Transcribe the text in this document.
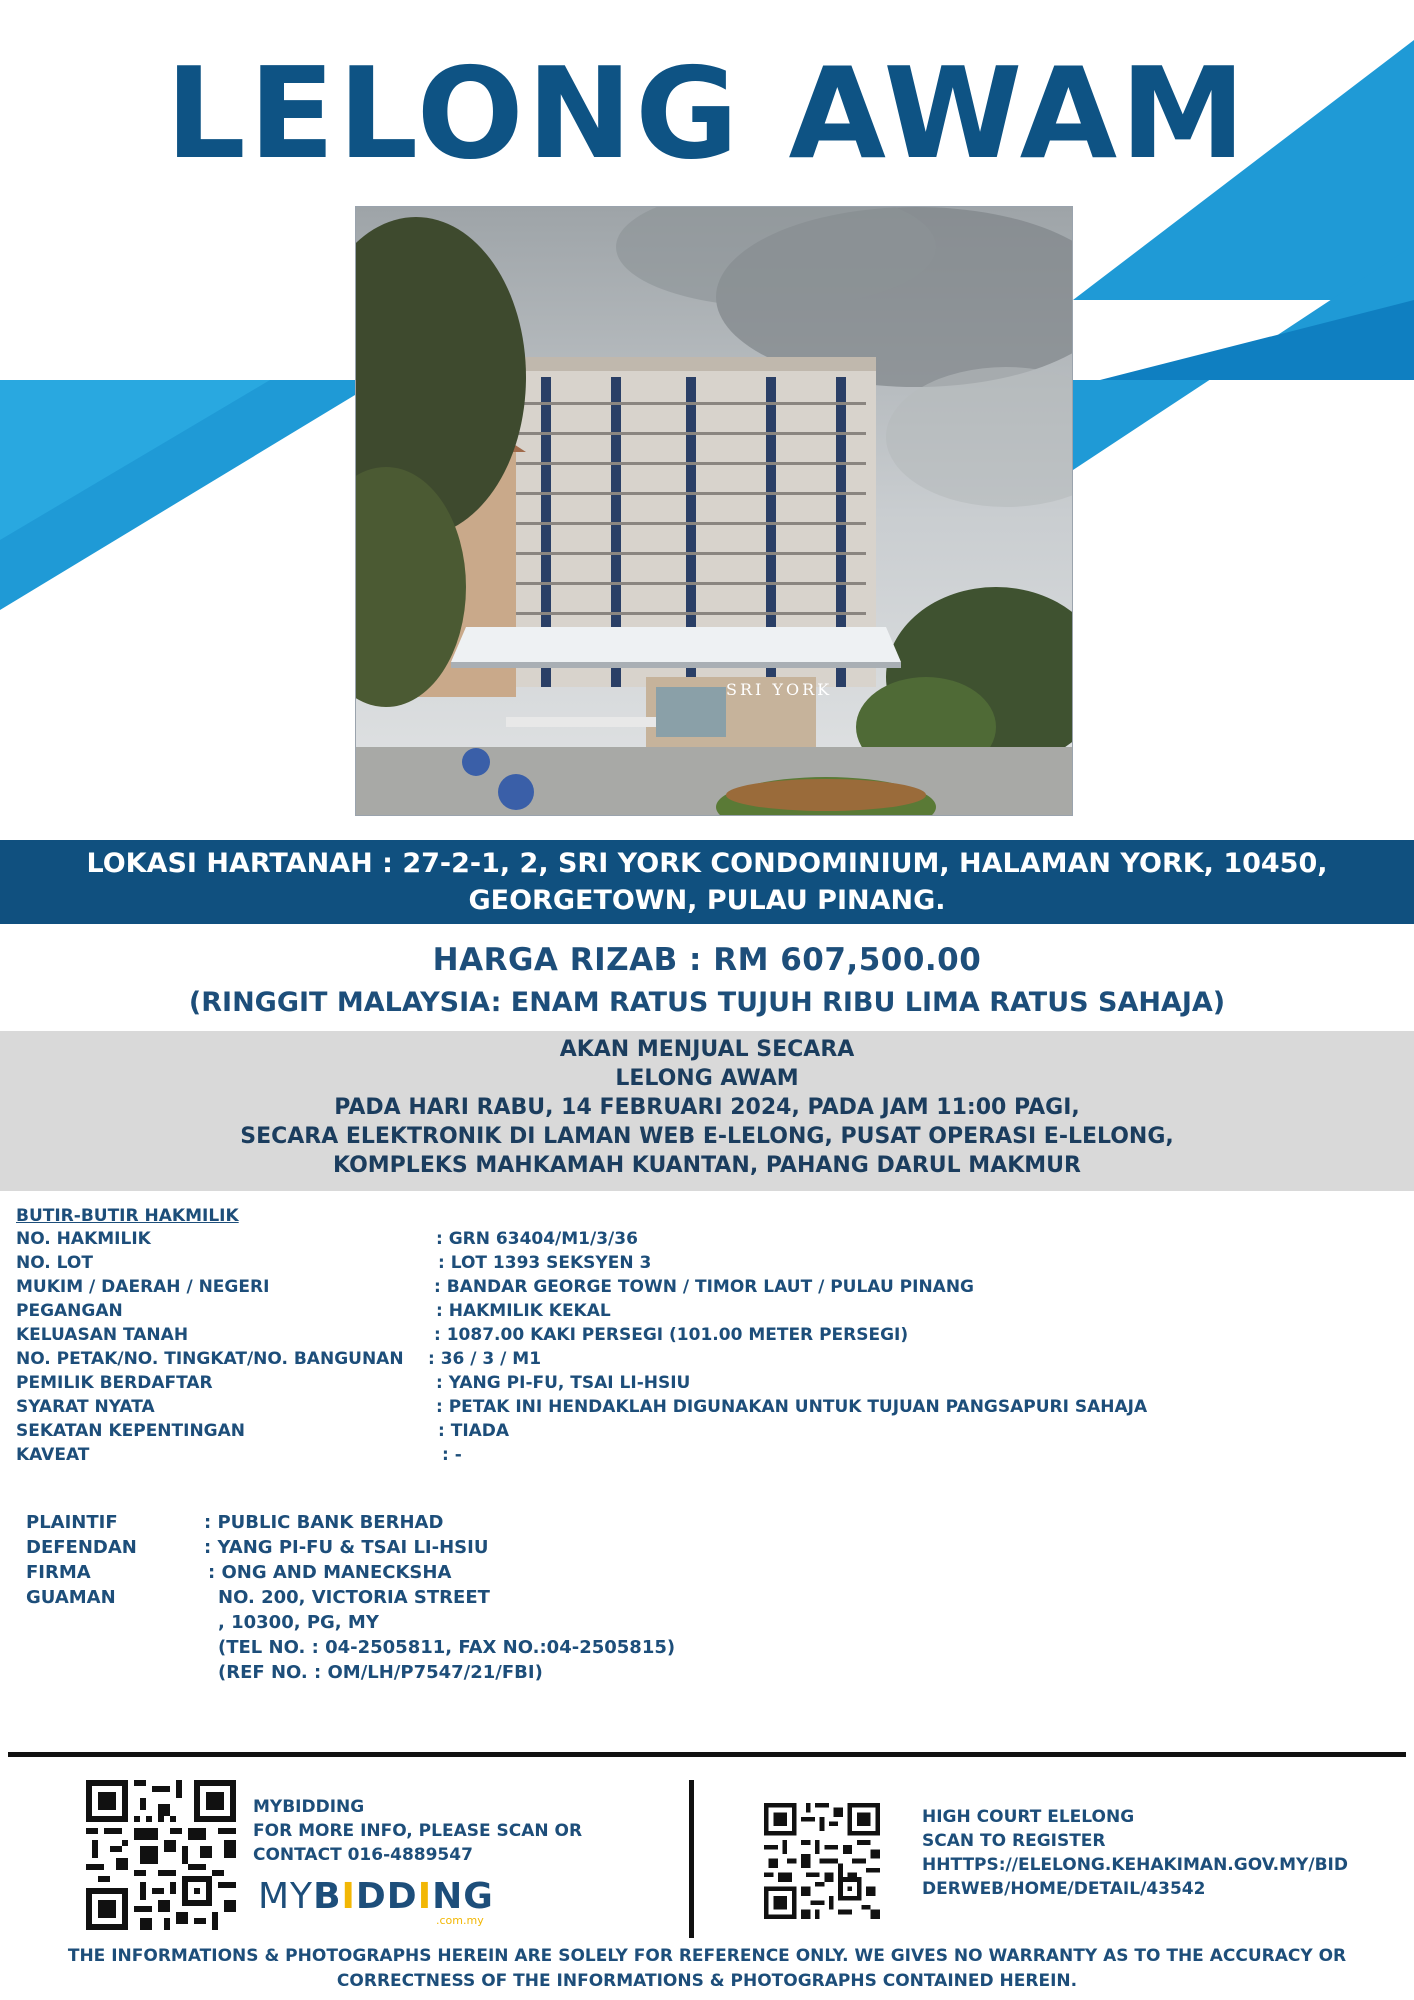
LELONG AWAM
SRI YORK
LOKASI HARTANAH : 27-2-1, 2, SRI YORK CONDOMINIUM, HALAMAN YORK, 10450,
GEORGETOWN, PULAU PINANG.
HARGA RIZAB : RM 607,500.00
(RINGGIT MALAYSIA: ENAM RATUS TUJUH RIBU LIMA RATUS SAHAJA)
AKAN MENJUAL SECARA
LELONG AWAM
PADA HARI RABU, 14 FEBRUARI 2024, PADA JAM 11:00 PAGI,
SECARA ELEKTRONIK DI LAMAN WEB E-LELONG, PUSAT OPERASI E-LELONG,
KOMPLEKS MAHKAMAH KUANTAN, PAHANG DARUL MAKMUR
BUTIR-BUTIR HAKMILIK
NO. HAKMILIK	: GRN 63404/M1/3/36
NO. LOT	: LOT 1393 SEKSYEN 3
MUKIM / DAERAH / NEGERI	: BANDAR GEORGE TOWN / TIMOR LAUT / PULAU PINANG
PEGANGAN	: HAKMILIK KEKAL
KELUASAN TANAH	: 1087.00 KAKI PERSEGI (101.00 METER PERSEGI)
NO. PETAK/NO. TINGKAT/NO. BANGUNAN : 36 / 3 / M1
PEMILIK BERDAFTAR	: YANG PI-FU, TSAI LI-HSIU
SYARAT NYATA	: PETAK INI HENDAKLAH DIGUNAKAN UNTUK TUJUAN PANGSAPURI SAHAJA
SEKATAN KEPENTINGAN	: TIADA
KAVEAT	: -
PLAINTIF	: PUBLIC BANK BERHAD
DEFENDAN	: YANG PI-FU & TSAI LI-HSIU
FIRMA GUAMAN
: ONG AND MANECKSHA
NO. 200, VICTORIA STREET
, 10300, PG, MY
(TEL NO. : 04-2505811, FAX NO.:04-2505815)
(REF NO. : OM/LH/P7547/21/FBI)
MYBIDDING
FOR MORE INFO, PLEASE SCAN OR
CONTACT 016-4889547
MYBIDDING
.com.my
HIGH COURT ELELONG
SCAN TO REGISTER
HHTTPS://ELELONG.KEHAKIMAN.GOV.MY/BID
DERWEB/HOME/DETAIL/43542
THE INFORMATIONS & PHOTOGRAPHS HEREIN ARE SOLELY FOR REFERENCE ONLY. WE GIVES NO WARRANTY AS TO THE ACCURACY OR
CORRECTNESS OF THE INFORMATIONS & PHOTOGRAPHS CONTAINED HEREIN.
